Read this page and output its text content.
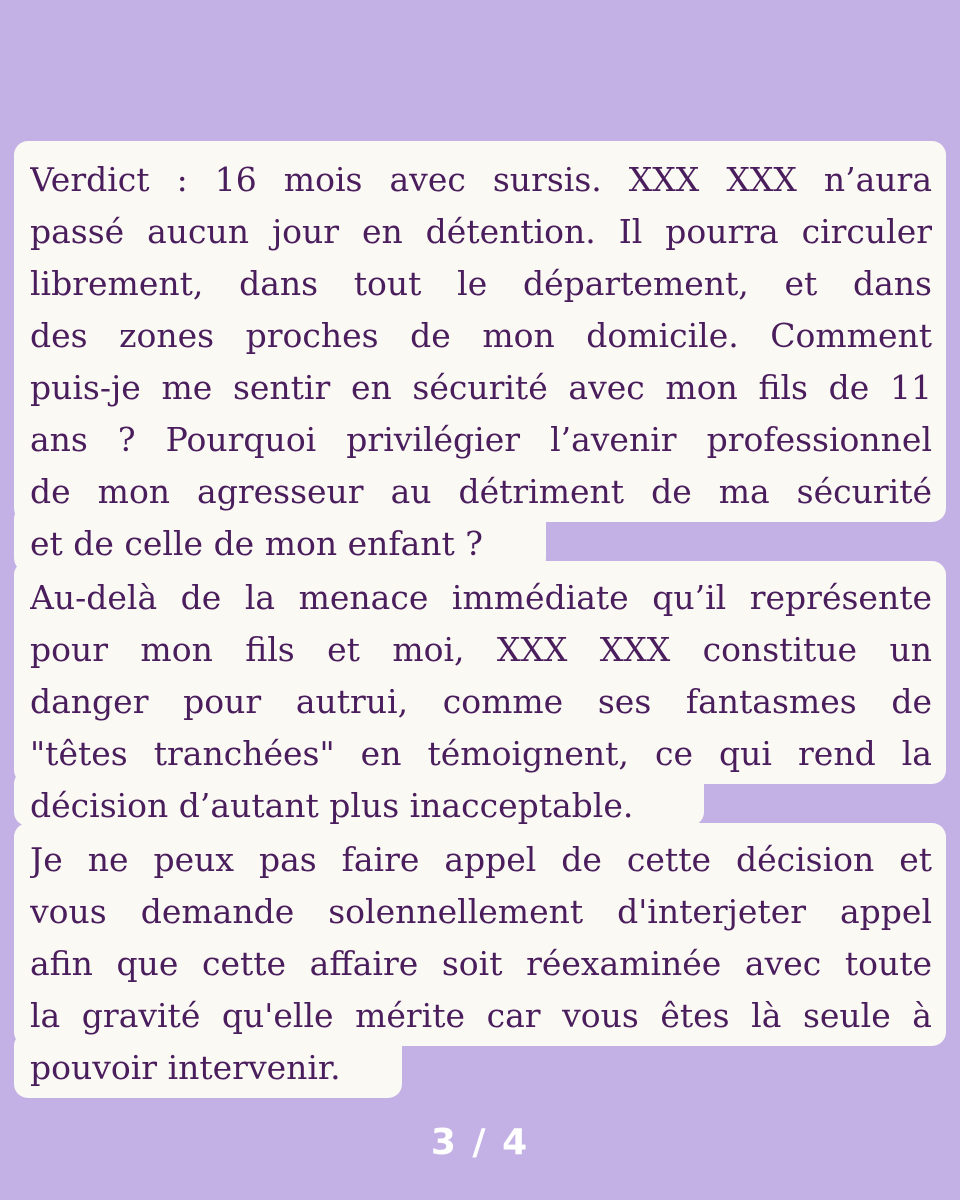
Verdict : 16 mois avec sursis. XXX XXX n’aura
passé aucun jour en détention. Il pourra circuler
librement, dans tout le département, et dans
des zones proches de mon domicile. Comment
puis-je me sentir en sécurité avec mon fils de 11
ans ? Pourquoi privilégier l’avenir professionnel
de mon agresseur au détriment de ma sécurité
et de celle de mon enfant ?
Au-delà de la menace immédiate qu’il représente
pour mon fils et moi, XXX XXX constitue un
danger pour autrui, comme ses fantasmes de
"têtes tranchées" en témoignent, ce qui rend la
décision d’autant plus inacceptable.
Je ne peux pas faire appel de cette décision et
vous demande solennellement d'interjeter appel
afin que cette affaire soit réexaminée avec toute
la gravité qu'elle mérite car vous êtes là seule à
pouvoir intervenir.
3 / 4
